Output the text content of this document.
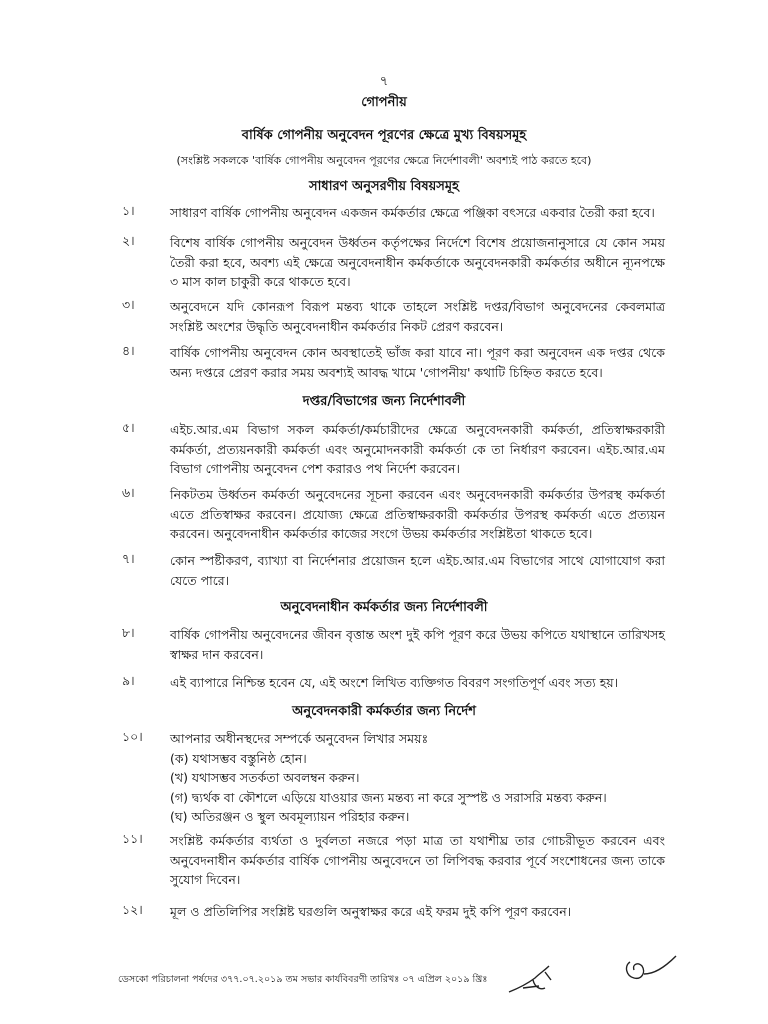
৭
গোপনীয়
বার্ষিক গোপনীয় অনুবেদন পূরণের ক্ষেত্রে মুখ্য বিষয়সমূহ
(সংশ্লিষ্ট সকলকে 'বার্ষিক গোপনীয় অনুবেদন পূরণের ক্ষেত্রে নির্দেশাবলী' অবশ্যই পাঠ করতে হবে)
সাধারণ অনুসরণীয় বিষয়সমূহ
১।	সাধারণ বার্ষিক গোপনীয় অনুবেদন একজন কর্মকর্তার ক্ষেত্রে পঞ্জিকা বৎসরে একবার তৈরী করা হবে।
২।	বিশেষ বার্ষিক গোপনীয় অনুবেদন উর্ধ্বতন কর্তৃপক্ষের নির্দেশে বিশেষ প্রয়োজনানুসারে যে কোন সময় তৈরী করা হবে, অবশ্য এই ক্ষেত্রে অনুবেদনাধীন কর্মকর্তাকে অনুবেদনকারী কর্মকর্তার অধীনে ন্যূনপক্ষে ৩ মাস কাল চাকুরী করে থাকতে হবে।
৩।	অনুবেদনে যদি কোনরূপ বিরূপ মন্তব্য থাকে তাহলে সংশ্লিষ্ট দপ্তর/বিভাগ অনুবেদনের কেবলমাত্র সংশ্লিষ্ট অংশের উদ্ধৃতি অনুবেদনাধীন কর্মকর্তার নিকট প্রেরণ করবেন।
৪।	বার্ষিক গোপনীয় অনুবেদন কোন অবস্থাতেই ভাঁজ করা যাবে না। পূরণ করা অনুবেদন এক দপ্তর থেকে অন্য দপ্তরে প্রেরণ করার সময় অবশ্যই আবদ্ধ খামে 'গোপনীয়' কথাটি চিহ্নিত করতে হবে।
দপ্তর/বিভাগের জন্য নির্দেশাবলী
৫।	এইচ.আর.এম বিভাগ সকল কর্মকর্তা/কর্মচারীদের ক্ষেত্রে অনুবেদনকারী কর্মকর্তা, প্রতিস্বাক্ষরকারী কর্মকর্তা, প্রত্যয়নকারী কর্মকর্তা এবং অনুমোদনকারী কর্মকর্তা কে তা নির্ধারণ করবেন। এইচ.আর.এম বিভাগ গোপনীয় অনুবেদন পেশ করারও পথ নির্দেশ করবেন।
৬।	নিকটতম উর্ধ্বতন কর্মকর্তা অনুবেদনের সূচনা করবেন এবং অনুবেদনকারী কর্মকর্তার উপরস্থ কর্মকর্তা এতে প্রতিস্বাক্ষর করবেন। প্রযোজ্য ক্ষেত্রে প্রতিস্বাক্ষরকারী কর্মকর্তার উপরস্থ কর্মকর্তা এতে প্রত্যয়ন করবেন। অনুবেদনাধীন কর্মকর্তার কাজের সংগে উভয় কর্মকর্তার সংশ্লিষ্টতা থাকতে হবে।
৭।	কোন স্পষ্টীকরণ, ব্যাখ্যা বা নির্দেশনার প্রয়োজন হলে এইচ.আর.এম বিভাগের সাথে যোগাযোগ করা যেতে পারে।
অনুবেদনাধীন কর্মকর্তার জন্য নির্দেশাবলী
৮।	বার্ষিক গোপনীয় অনুবেদনের জীবন বৃত্তান্ত অংশ দুই কপি পূরণ করে উভয় কপিতে যথাস্থানে তারিখসহ স্বাক্ষর দান করবেন।
৯।	এই ব্যাপারে নিশ্চিন্ত হবেন যে, এই অংশে লিখিত ব্যক্তিগত বিবরণ সংগতিপূর্ণ এবং সত্য হয়।
অনুবেদনকারী কর্মকর্তার জন্য নির্দেশ
১০। আপনার অধীনস্থদের সম্পর্কে অনুবেদন লিখার সময়ঃ
(ক) যথাসম্ভব বস্তুনিষ্ঠ হোন।
(খ) যথাসম্ভব সতর্কতা অবলম্বন করুন।
(গ) দ্ব্যর্থক বা কৌশলে এড়িয়ে যাওয়ার জন্য মন্তব্য না করে সুস্পষ্ট ও সরাসরি মন্তব্য করুন।
(ঘ) অতিরঞ্জন ও স্থুল অবমূল্যায়ন পরিহার করুন।
১১। সংশ্লিষ্ট কর্মকর্তার ব্যর্থতা ও দুর্বলতা নজরে পড়া মাত্র তা যথাশীঘ্র তার গোচরীভূত করবেন এবং অনুবেদনাধীন কর্মকর্তার বার্ষিক গোপনীয় অনুবেদনে তা লিপিবদ্ধ করবার পূর্বে সংশোধনের জন্য তাকে সুযোগ দিবেন।
১২। মূল ও প্রতিলিপির সংশ্লিষ্ট ঘরগুলি অনুস্বাক্ষর করে এই ফরম দুই কপি পূরণ করবেন।
ডেসকো পরিচালনা পর্ষদের ৩৭৭.০৭.২০১৯ তম সভার কার্যবিবরণী তারিখঃ ০৭ এপ্রিল ২০১৯ খ্রিঃ
